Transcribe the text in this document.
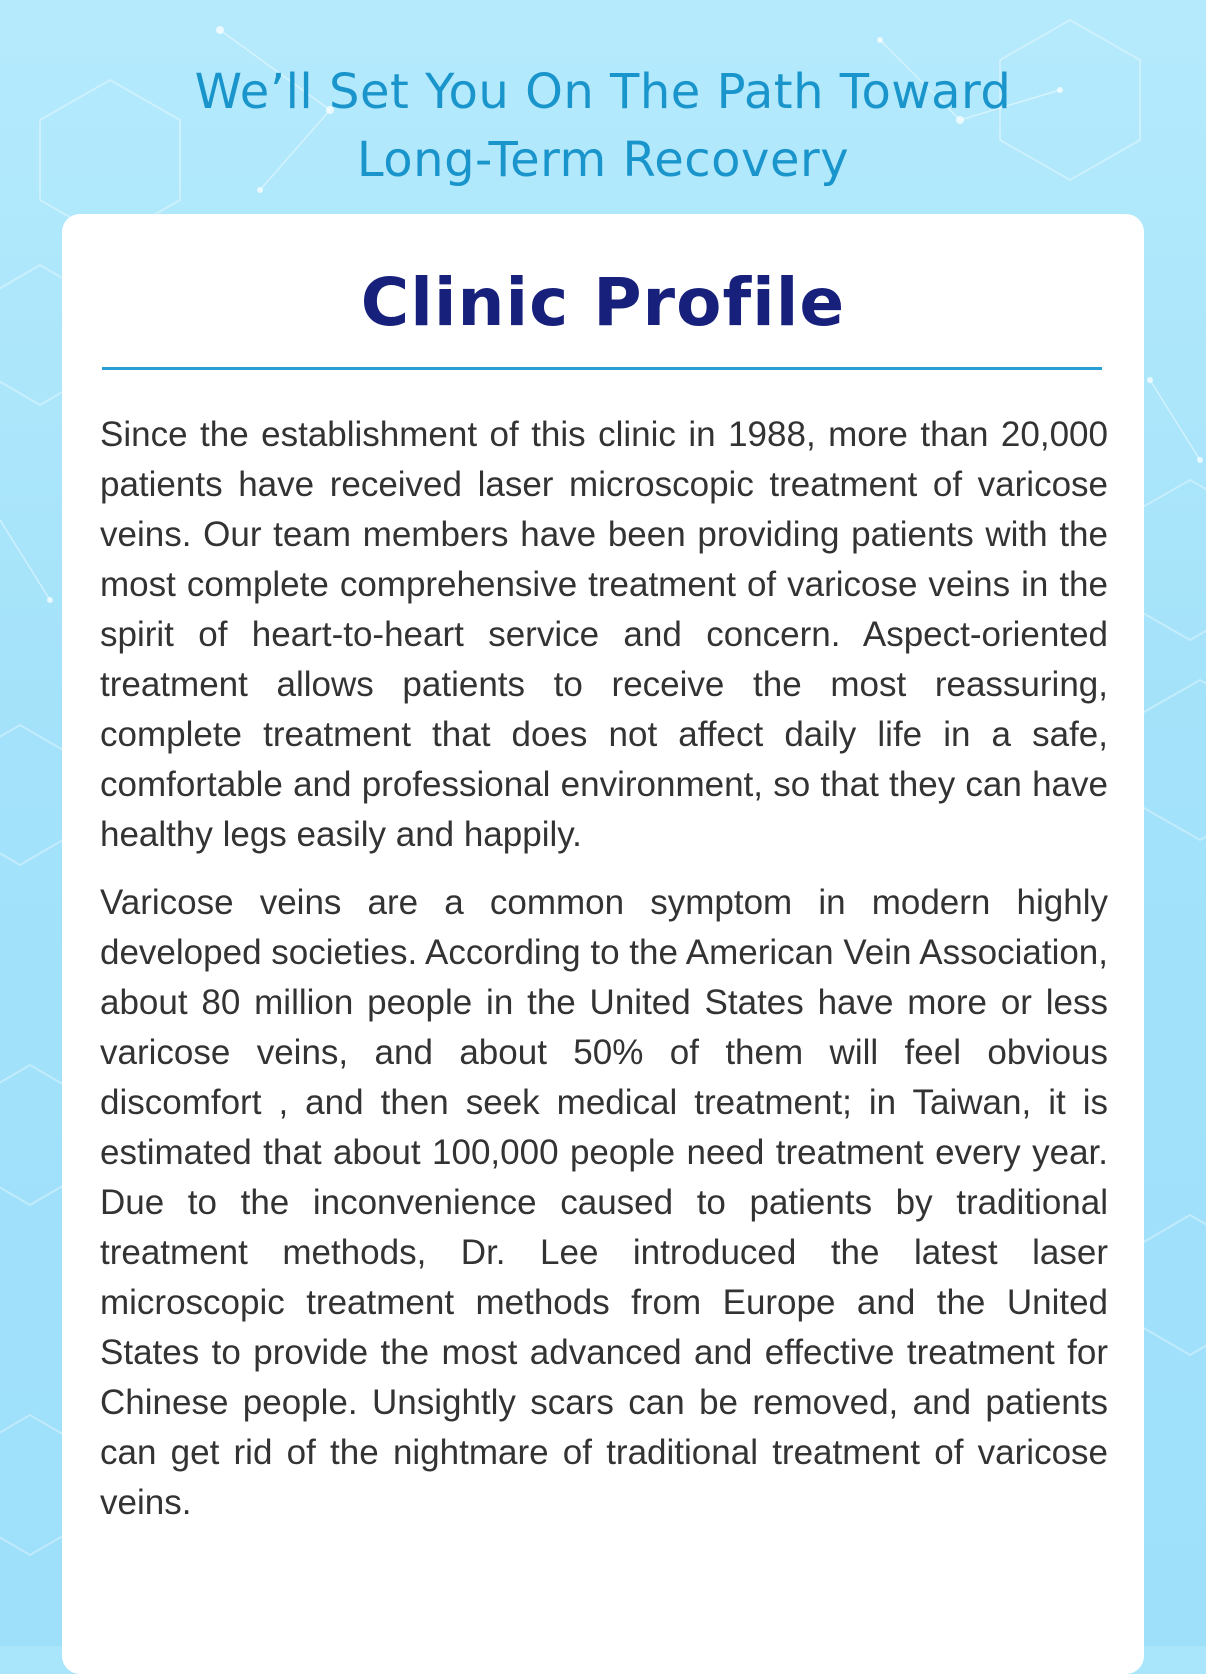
We’ll Set You On The Path Toward
Long-Term Recovery
Clinic Profile

Since the establishment of this clinic in 1988, more than 20,000 patients have received laser microscopic treatment of varicose veins. Our team members have been providing patients with the most complete comprehensive treatment of varicose veins in the spirit of heart-to-heart service and concern. Aspect-oriented treatment allows patients to receive the most reassuring, complete treatment that does not affect daily life in a safe, comfortable and professional environment, so that they can have healthy legs easily and happily.

Varicose veins are a common symptom in modern highly developed societies. According to the American Vein Association, about 80 million people in the United States have more or less varicose veins, and about 50% of them will feel obvious discomfort , and then seek medical treatment; in Taiwan, it is estimated that about 100,000 people need treatment every year. Due to the inconvenience caused to patients by traditional treatment methods, Dr. Lee introduced the latest laser microscopic treatment methods from Europe and the United States to provide the most advanced and effective treatment for Chinese people. Unsightly scars can be removed, and patients can get rid of the nightmare of traditional treatment of varicose veins.
